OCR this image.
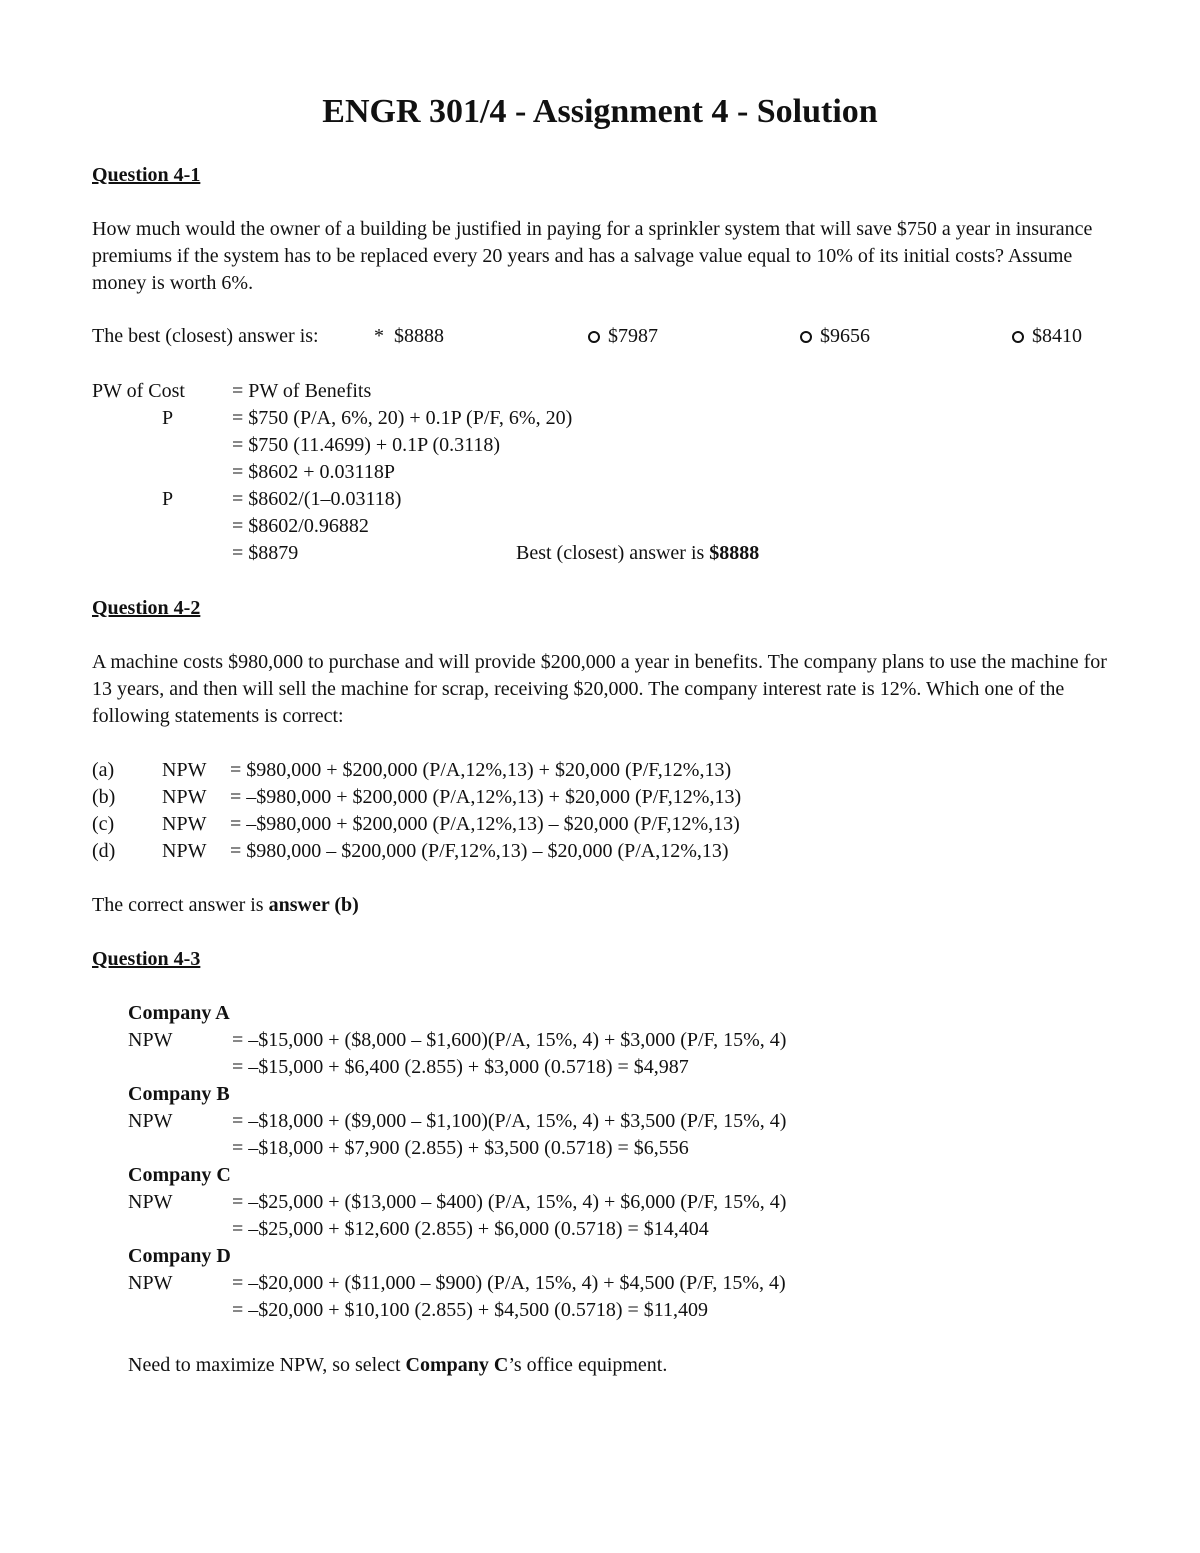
ENGR 301/4 - Assignment 4 - Solution
Question 4-1
How much would the owner of a building be justified in paying for a sprinkler system that will save $750 a year in insurance premiums if the system has to be replaced every 20 years and has a salvage value equal to 10% of its initial costs? Assume money is worth 6%.
The best (closest) answer is:	* $8888	$7987	$9656	$8410
PW of Cost = PW of Benefits
P	= $750 (P/A, 6%, 20) + 0.1P (P/F, 6%, 20)
= $750 (11.4699) + 0.1P (0.3118)
= $8602 + 0.03118P
P	= $8602/(1–0.03118)
= $8602/0.96882
= $8879	Best (closest) answer is $8888
Question 4-2
A machine costs $980,000 to purchase and will provide $200,000 a year in benefits. The company plans to use the machine for 13 years, and then will sell the machine for scrap, receiving $20,000. The company interest rate is 12%. Which one of the following statements is correct:
(a) NPW = $980,000 + $200,000 (P/A,12%,13) + $20,000 (P/F,12%,13)
(b) NPW = –$980,000 + $200,000 (P/A,12%,13) + $20,000 (P/F,12%,13)
(c) NPW = –$980,000 + $200,000 (P/A,12%,13) – $20,000 (P/F,12%,13)
(d) NPW = $980,000 – $200,000 (P/F,12%,13) – $20,000 (P/A,12%,13)
The correct answer is answer (b)
Question 4-3
Company A
NPW	= –$15,000 + ($8,000 – $1,600)(P/A, 15%, 4) + $3,000 (P/F, 15%, 4)
= –$15,000 + $6,400 (2.855) + $3,000 (0.5718) = $4,987
Company B
NPW	= –$18,000 + ($9,000 – $1,100)(P/A, 15%, 4) + $3,500 (P/F, 15%, 4)
= –$18,000 + $7,900 (2.855) + $3,500 (0.5718) = $6,556
Company C
NPW	= –$25,000 + ($13,000 – $400) (P/A, 15%, 4) + $6,000 (P/F, 15%, 4)
= –$25,000 + $12,600 (2.855) + $6,000 (0.5718) = $14,404
Company D
NPW	= –$20,000 + ($11,000 – $900) (P/A, 15%, 4) + $4,500 (P/F, 15%, 4)
= –$20,000 + $10,100 (2.855) + $4,500 (0.5718) = $11,409
Need to maximize NPW, so select Company C’s office equipment.
